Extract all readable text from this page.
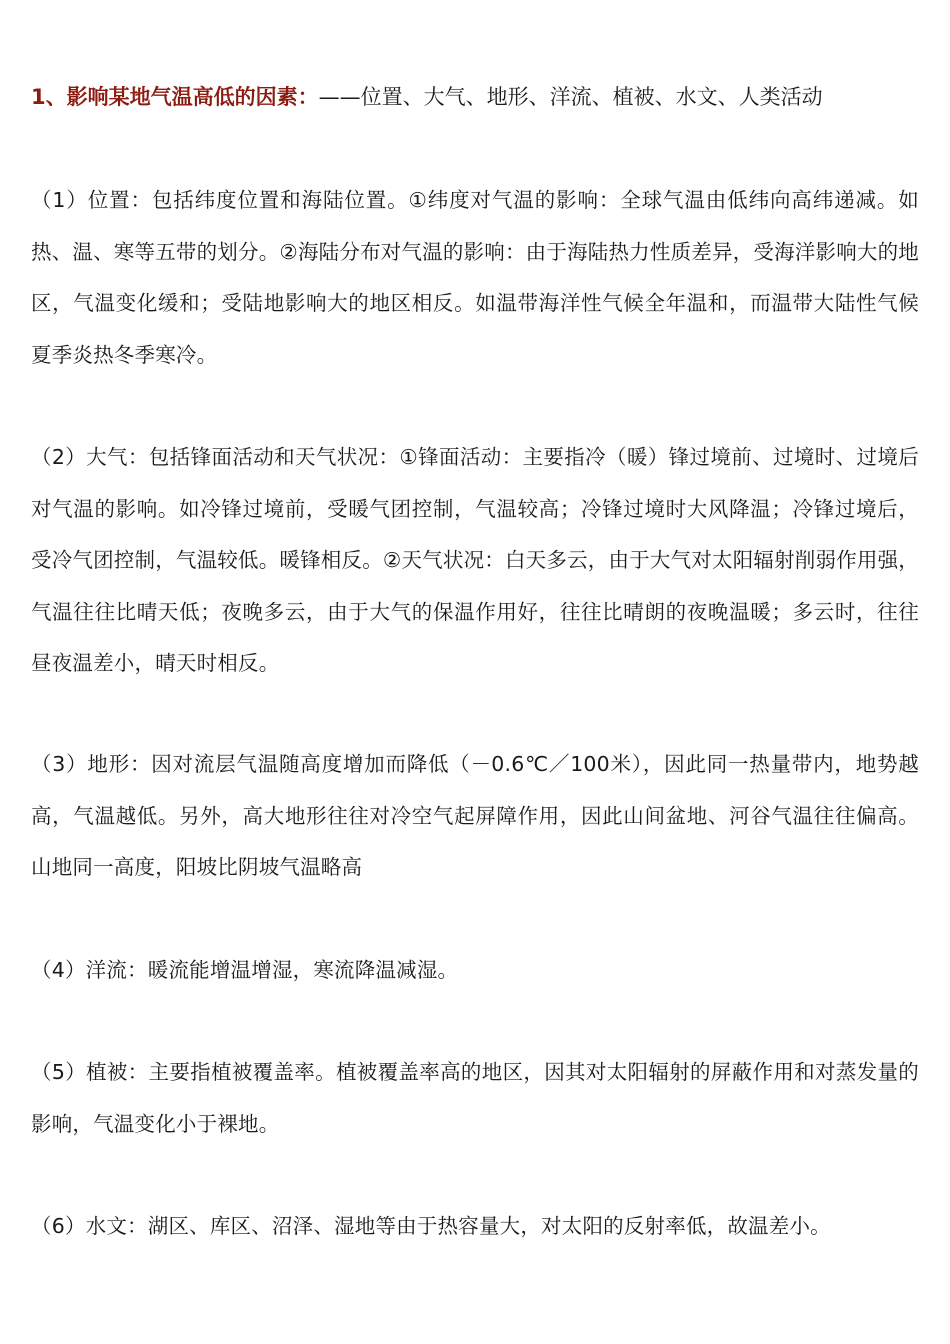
1、影响某地气温高低的因素：——位置、大气、地形、洋流、植被、水文、人类活动
（1）位置：包括纬度位置和海陆位置。①纬度对气温的影响：全球气温由低纬向高纬递减。如热、温、寒等五带的划分。②海陆分布对气温的影响：由于海陆热力性质差异，受海洋影响大的地区，气温变化缓和；受陆地影响大的地区相反。如温带海洋性气候全年温和，而温带大陆性气候夏季炎热冬季寒冷。
（2）大气：包括锋面活动和天气状况：①锋面活动：主要指冷（暖）锋过境前、过境时、过境后对气温的影响。如冷锋过境前，受暖气团控制，气温较高；冷锋过境时大风降温；冷锋过境后，受冷气团控制，气温较低。暖锋相反。②天气状况：白天多云，由于大气对太阳辐射削弱作用强，气温往往比晴天低；夜晚多云，由于大气的保温作用好，往往比晴朗的夜晚温暖；多云时，往往昼夜温差小，晴天时相反。
（3）地形：因对流层气温随高度增加而降低（－0.6℃／100米），因此同一热量带内，地势越高，气温越低。另外，高大地形往往对冷空气起屏障作用，因此山间盆地、河谷气温往往偏高。山地同一高度，阳坡比阴坡气温略高
（4）洋流：暖流能增温增湿，寒流降温减湿。
（5）植被：主要指植被覆盖率。植被覆盖率高的地区，因其对太阳辐射的屏蔽作用和对蒸发量的影响，气温变化小于裸地。
（6）水文：湖区、库区、沼泽、湿地等由于热容量大，对太阳的反射率低，故温差小。
